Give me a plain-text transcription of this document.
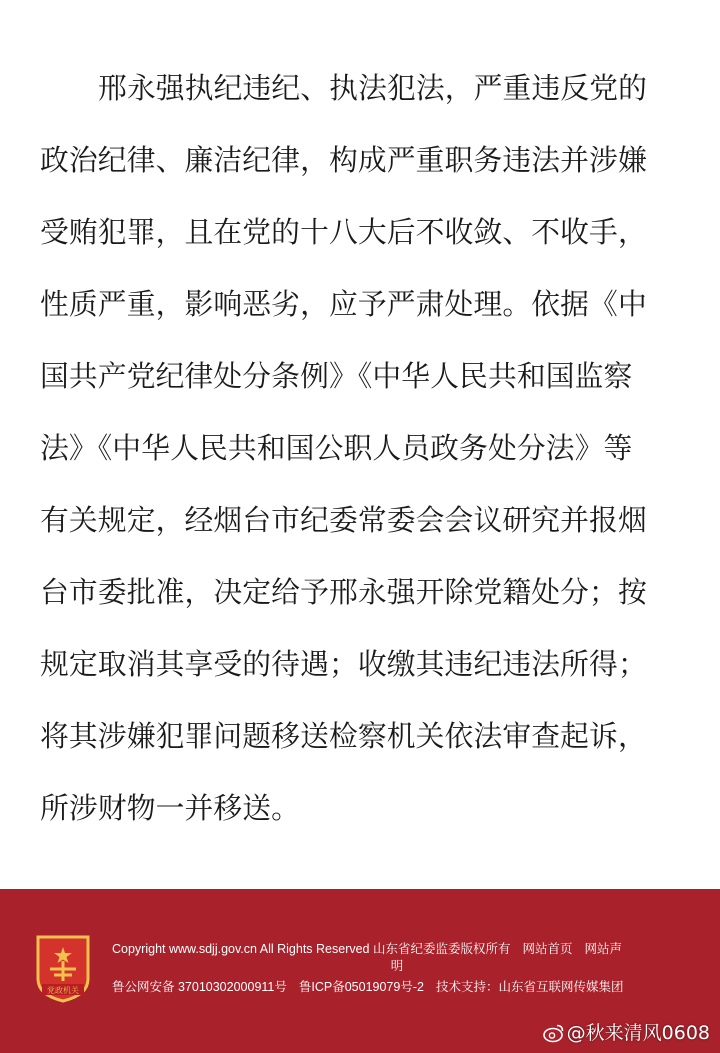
邢永强执纪违纪、执法犯法，严重违反党的
政治纪律、廉洁纪律，构成严重职务违法并涉嫌
受贿犯罪，且在党的十八大后不收敛、不收手，
性质严重，影响恶劣，应予严肃处理。依据《中
国共产党纪律处分条例》《中华人民共和国监察
法》《中华人民共和国公职人员政务处分法》等
有关规定，经烟台市纪委常委会会议研究并报烟
台市委批准，决定给予邢永强开除党籍处分；按
规定取消其享受的待遇；收缴其违纪违法所得；
将其涉嫌犯罪问题移送检察机关依法审查起诉，
所涉财物一并移送。
党政机关
Copyright www.sdjj.gov.cn All Rights Reserved 山东省纪委监委版权所有 网站首页 网站声
明
鲁公网安备 37010302000911号 鲁ICP备05019079号-2 技术支持：山东省互联网传媒集团
@秋来清风0608
